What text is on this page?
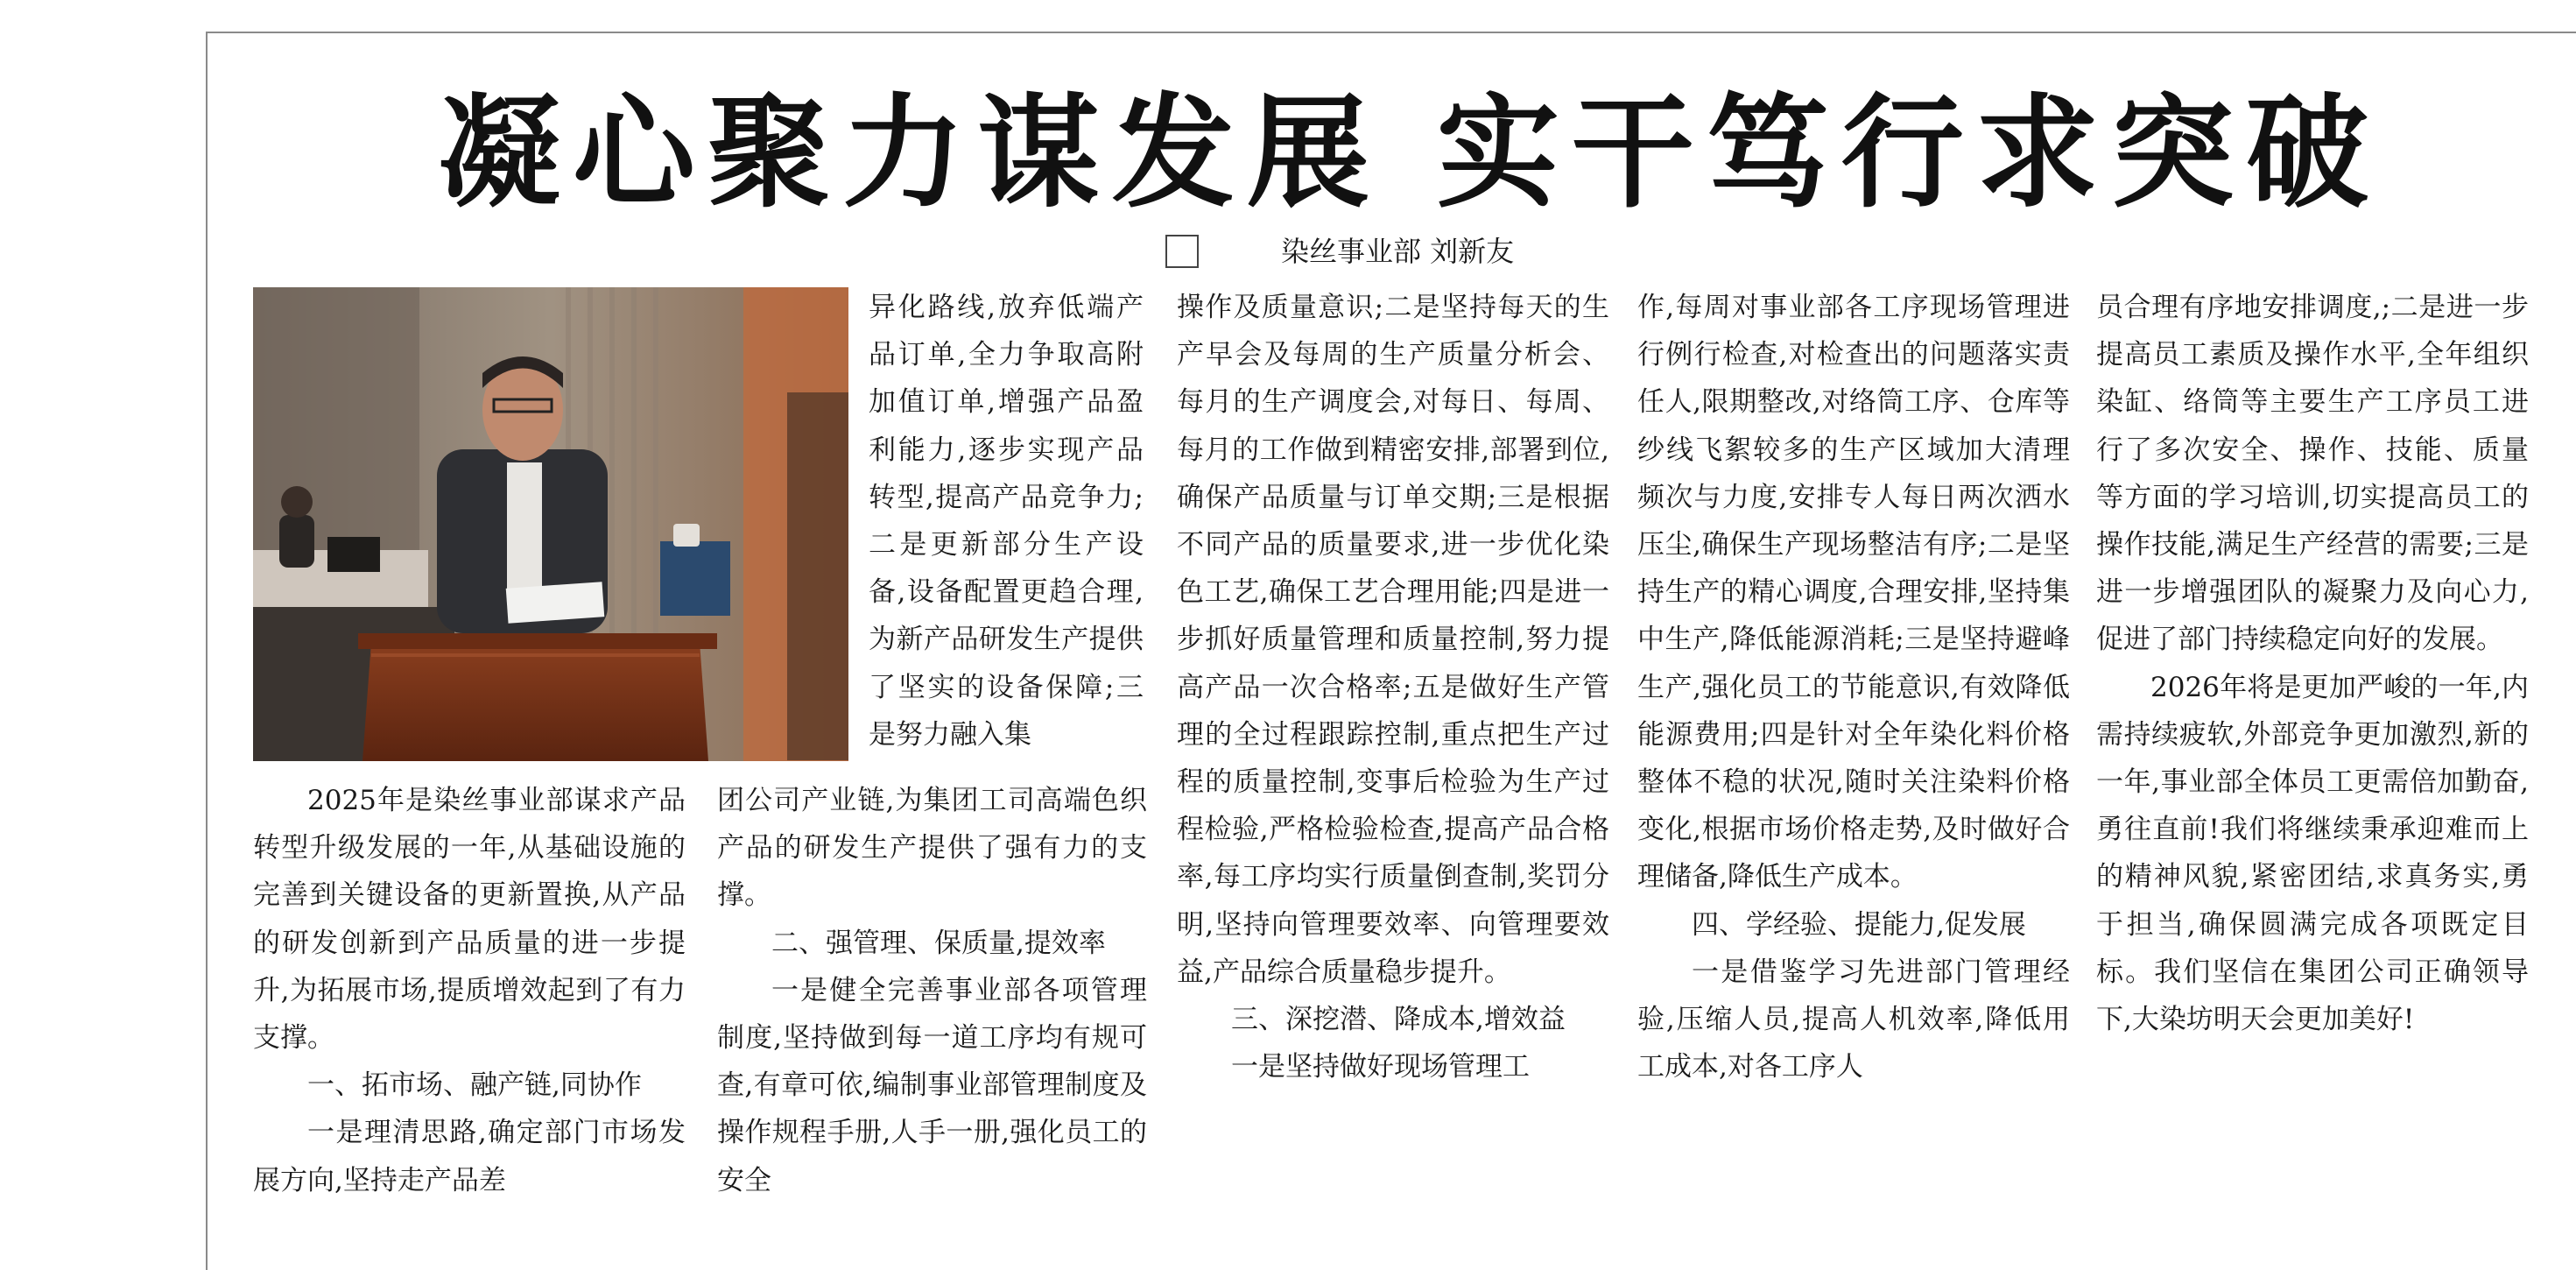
凝心聚力谋发展 实干笃行求突破
染丝事业部 刘新友

异化路线,放弃低端产品订单,全力争取高附加值订单,增强产品盈利能力,逐步实现产品转型,提高产品竞争力;二是更新部分生产设备,设备配置更趋合理,为新产品研发生产提供了坚实的设备保障;三是努力融入集

2025年是染丝事业部谋求产品转型升级发展的一年,从基础设施的完善到关键设备的更新置换,从产品的研发创新到产品质量的进一步提升,为拓展市场,提质增效起到了有力支撑。

一、拓市场、融产链,同协作

一是理清思路,确定部门市场发展方向,坚持走产品差

团公司产业链,为集团工司高端色织产品的研发生产提供了强有力的支撑。

二、强管理、保质量,提效率

一是健全完善事业部各项管理制度,坚持做到每一道工序均有规可查,有章可依,编制事业部管理制度及操作规程手册,人手一册,强化员工的安全

操作及质量意识;二是坚持每天的生产早会及每周的生产质量分析会、每月的生产调度会,对每日、每周、每月的工作做到精密安排,部署到位,确保产品质量与订单交期;三是根据不同产品的质量要求,进一步优化染色工艺,确保工艺合理用能;四是进一步抓好质量管理和质量控制,努力提高产品一次合格率;五是做好生产管理的全过程跟踪控制,重点把生产过程的质量控制,变事后检验为生产过程检验,严格检验检查,提高产品合格率,每工序均实行质量倒查制,奖罚分明,坚持向管理要效率、向管理要效益,产品综合质量稳步提升。

三、深挖潜、降成本,增效益

一是坚持做好现场管理工

作,每周对事业部各工序现场管理进行例行检查,对检查出的问题落实责任人,限期整改,对络筒工序、仓库等纱线飞絮较多的生产区域加大清理频次与力度,安排专人每日两次洒水压尘,确保生产现场整洁有序;二是坚持生产的精心调度,合理安排,坚持集中生产,降低能源消耗;三是坚持避峰生产,强化员工的节能意识,有效降低能源费用;四是针对全年染化料价格整体不稳的状况,随时关注染料价格变化,根据市场价格走势,及时做好合理储备,降低生产成本。

四、学经验、提能力,促发展

一是借鉴学习先进部门管理经验,压缩人员,提高人机效率,降低用工成本,对各工序人

员合理有序地安排调度,;二是进一步提高员工素质及操作水平,全年组织染缸、络筒等主要生产工序员工进行了多次安全、操作、技能、质量等方面的学习培训,切实提高员工的操作技能,满足生产经营的需要;三是进一步增强团队的凝聚力及向心力,促进了部门持续稳定向好的发展。

2026年将是更加严峻的一年,内需持续疲软,外部竞争更加激烈,新的一年,事业部全体员工更需倍加勤奋,勇往直前!我们将继续秉承迎难而上的精神风貌,紧密团结,求真务实,勇于担当,确保圆满完成各项既定目标。我们坚信在集团公司正确领导下,大染坊明天会更加美好!
